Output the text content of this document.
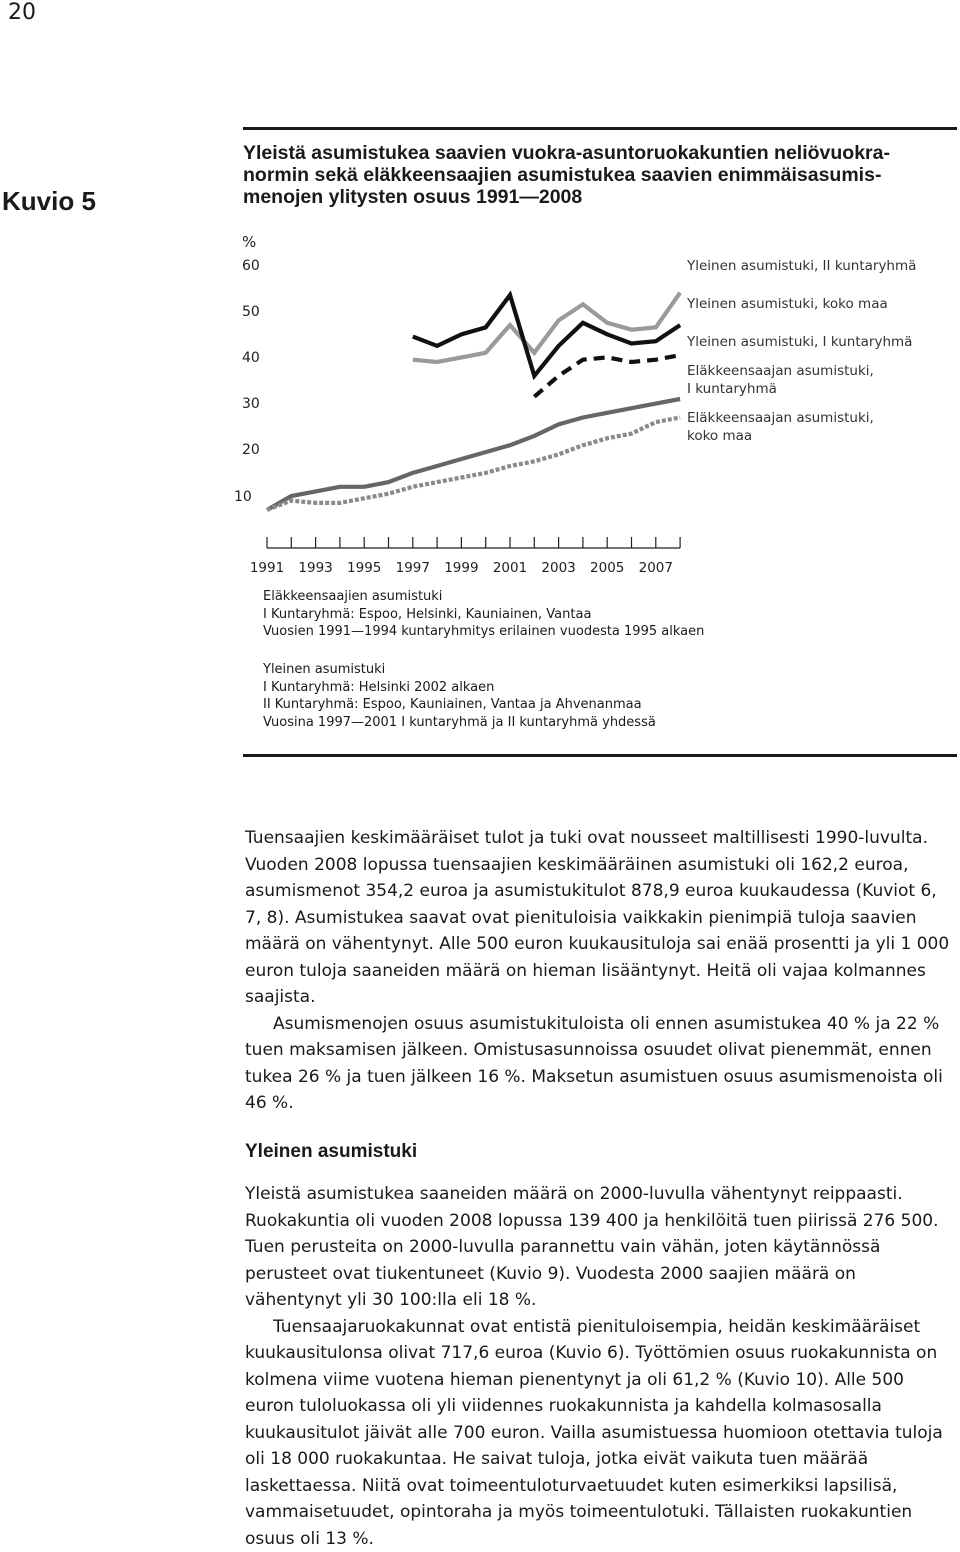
20
Kuvio 5
Yleistä asumistukea saavien vuokra-asuntoruokakuntien neliövuokranormin sekä eläkkeensaajien asumistukea saavien enimmäisasumismenojen ylitysten osuus 1991—2008
%
60
50
40
30
20
10
1991 1993 1995 1997 1999 2001 2003 2005 2007
Yleinen asumistuki, II kuntaryhmä
Yleinen asumistuki, koko maa
Yleinen asumistuki, I kuntaryhmä
Eläkkeensaajan asumistuki,
I kuntaryhmä
Eläkkeensaajan asumistuki,
koko maa
Eläkkeensaajien asumistuki
I Kuntaryhmä: Espoo, Helsinki, Kauniainen, Vantaa
Vuosien 1991—1994 kuntaryhmitys erilainen vuodesta 1995 alkaen
Yleinen asumistuki
I Kuntaryhmä: Helsinki 2002 alkaen
II Kuntaryhmä: Espoo, Kauniainen, Vantaa ja Ahvenanmaa
Vuosina 1997—2001 I kuntaryhmä ja II kuntaryhmä yhdessä

Tuensaajien keskimääräiset tulot ja tuki ovat nousseet maltillisesti 1990-luvulta. Vuoden 2008 lopussa tuensaajien keskimääräinen asumistuki oli 162,2 euroa, asumismenot 354,2 euroa ja asumistukitulot 878,9 euroa kuukaudessa (Kuviot 6, 7, 8). Asumistukea saavat ovat pienituloisia vaikkakin pienimpiä tuloja saavien määrä on vähentynyt. Alle 500 euron kuukausituloja sai enää prosentti ja yli 1 000 euron tuloja saaneiden määrä on hieman lisääntynyt. Heitä oli vajaa kolmannes saajista.

Asumismenojen osuus asumistukituloista oli ennen asumistukea 40 % ja 22 % tuen maksamisen jälkeen. Omistusasunnoissa osuudet olivat pienemmät, ennen tukea 26 % ja tuen jälkeen 16 %. Maksetun asumistuen osuus asumismenoista oli 46 %.

Yleinen asumistuki

Yleistä asumistukea saaneiden määrä on 2000-luvulla vähentynyt reippaasti. Ruokakuntia oli vuoden 2008 lopussa 139 400 ja henkilöitä tuen piirissä 276 500. Tuen perusteita on 2000-luvulla parannettu vain vähän, joten käytännössä perusteet ovat tiukentuneet (Kuvio 9). Vuodesta 2000 saajien määrä on vähentynyt yli 30 100:lla eli 18 %.

Tuensaajaruokakunnat ovat entistä pienituloisempia, heidän keskimääräiset kuukausitulonsa olivat 717,6 euroa (Kuvio 6). Työttömien osuus ruokakunnista on kolmena viime vuotena hieman pienentynyt ja oli 61,2 % (Kuvio 10). Alle 500 euron tuloluokassa oli yli viidennes ruokakunnista ja kahdella kolmasosalla kuukausitulot jäivät alle 700 euron. Vailla asumistuessa huomioon otettavia tuloja oli 18 000 ruokakuntaa. He saivat tuloja, jotka eivät vaikuta tuen määrää laskettaessa. Niitä ovat toimeentuloturvaetuudet kuten esimerkiksi lapsilisä, vammaisetuudet, opintoraha ja myös toimeentulotuki. Tällaisten ruokakuntien osuus oli 13 %.
